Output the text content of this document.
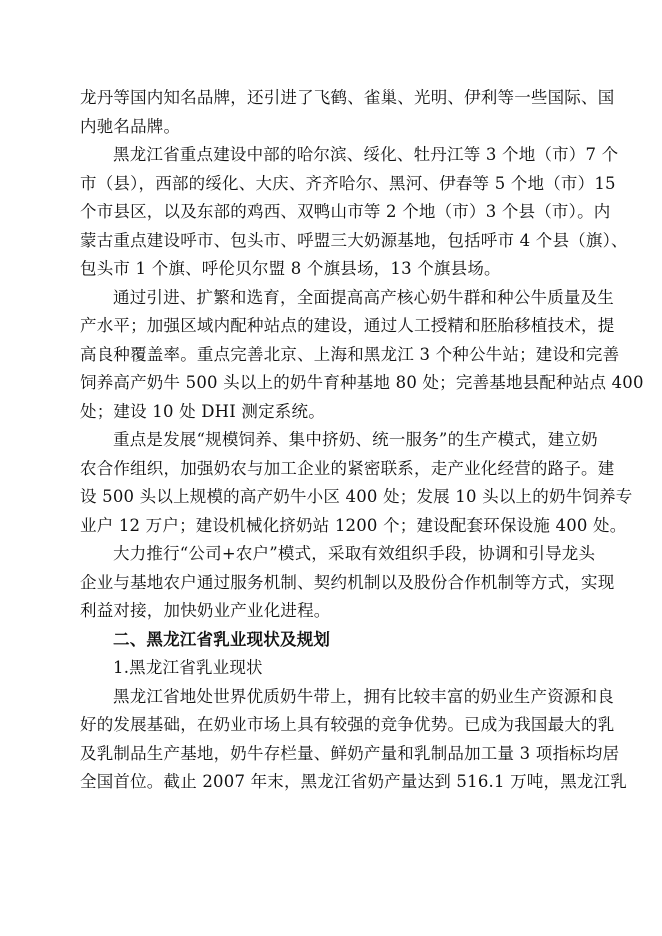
龙丹等国内知名品牌，还引进了飞鹤、雀巢、光明、伊利等一些国际、国
内驰名品牌。
黑龙江省重点建设中部的哈尔滨、绥化、牡丹江等 3 个地（市）7 个
市（县），西部的绥化、大庆、齐齐哈尔、黑河、伊春等 5 个地（市）15
个市县区，以及东部的鸡西、双鸭山市等 2 个地（市）3 个县（市）。内
蒙古重点建设呼市、包头市、呼盟三大奶源基地，包括呼市 4 个县（旗）、
包头市 1 个旗、呼伦贝尔盟 8 个旗县场，13 个旗县场。
通过引进、扩繁和选育，全面提高高产核心奶牛群和种公牛质量及生
产水平；加强区域内配种站点的建设，通过人工授精和胚胎移植技术，提
高良种覆盖率。重点完善北京、上海和黑龙江 3 个种公牛站；建设和完善
饲养高产奶牛 500 头以上的奶牛育种基地 80 处；完善基地县配种站点 400
处；建设 10 处 DHI 测定系统。
重点是发展“规模饲养、集中挤奶、统一服务”的生产模式，建立奶
农合作组织，加强奶农与加工企业的紧密联系，走产业化经营的路子。建
设 500 头以上规模的高产奶牛小区 400 处；发展 10 头以上的奶牛饲养专
业户 12 万户；建设机械化挤奶站 1200 个；建设配套环保设施 400 处。
大力推行“公司+农户”模式，采取有效组织手段，协调和引导龙头
企业与基地农户通过服务机制、契约机制以及股份合作机制等方式，实现
利益对接，加快奶业产业化进程。
二、黑龙江省乳业现状及规划
1.黑龙江省乳业现状
黑龙江省地处世界优质奶牛带上，拥有比较丰富的奶业生产资源和良
好的发展基础，在奶业市场上具有较强的竞争优势。已成为我国最大的乳
及乳制品生产基地，奶牛存栏量、鲜奶产量和乳制品加工量 3 项指标均居
全国首位。截止 2007 年末，黑龙江省奶产量达到 516.1 万吨，黑龙江乳
